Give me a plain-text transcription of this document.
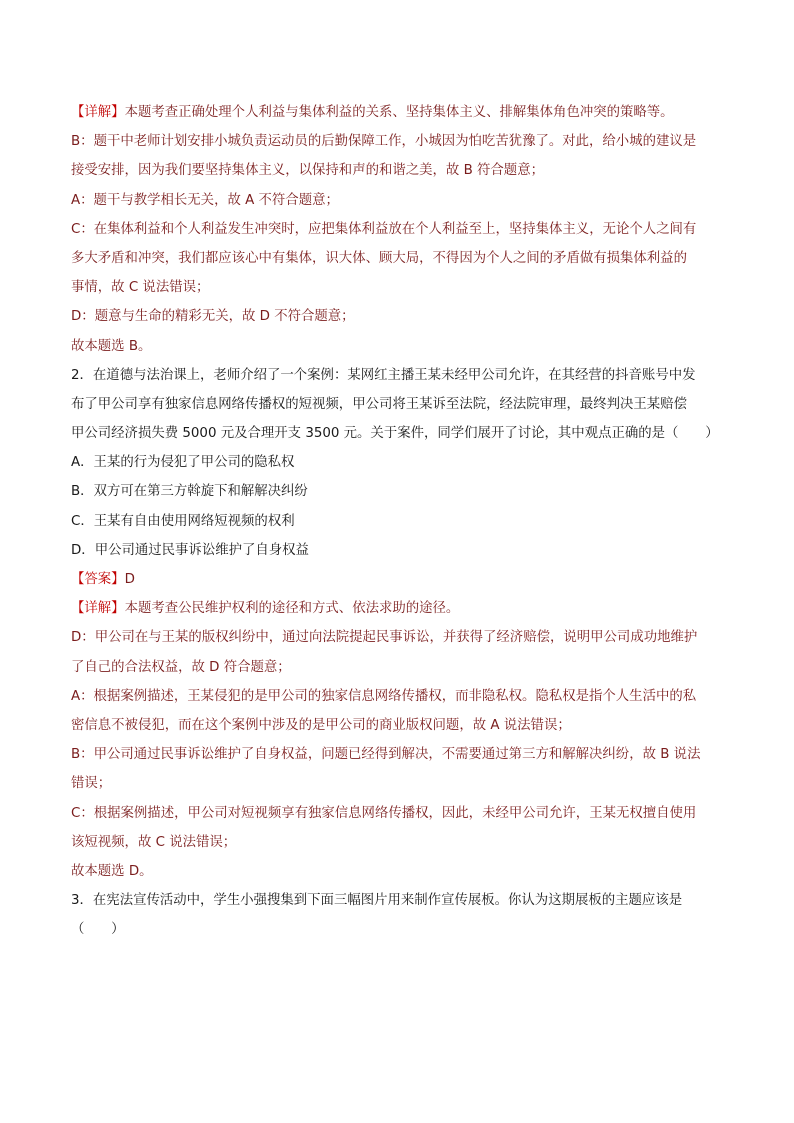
【详解】本题考查正确处理个人利益与集体利益的关系、坚持集体主义、排解集体角色冲突的策略等。
B：题干中老师计划安排小城负责运动员的后勤保障工作，小城因为怕吃苦犹豫了。对此，给小城的建议是
接受安排，因为我们要坚持集体主义，以保持和声的和谐之美，故 B 符合题意；
A：题干与教学相长无关，故 A 不符合题意；
C：在集体利益和个人利益发生冲突时，应把集体利益放在个人利益至上，坚持集体主义，无论个人之间有
多大矛盾和冲突，我们都应该心中有集体，识大体、顾大局，不得因为个人之间的矛盾做有损集体利益的
事情，故 C 说法错误；
D：题意与生命的精彩无关，故 D 不符合题意；
故本题选 B。
2．在道德与法治课上，老师介绍了一个案例：某网红主播王某未经甲公司允许，在其经营的抖音账号中发
布了甲公司享有独家信息网络传播权的短视频，甲公司将王某诉至法院，经法院审理，最终判决王某赔偿
甲公司经济损失费 5000 元及合理开支 3500 元。关于案件，同学们展开了讨论，其中观点正确的是（　　）
A．王某的行为侵犯了甲公司的隐私权
B．双方可在第三方斡旋下和解解决纠纷
C．王某有自由使用网络短视频的权利
D．甲公司通过民事诉讼维护了自身权益
【答案】D
【详解】本题考查公民维护权利的途径和方式、依法求助的途径。
D：甲公司在与王某的版权纠纷中，通过向法院提起民事诉讼，并获得了经济赔偿，说明甲公司成功地维护
了自己的合法权益，故 D 符合题意；
A：根据案例描述，王某侵犯的是甲公司的独家信息网络传播权，而非隐私权。隐私权是指个人生活中的私
密信息不被侵犯，而在这个案例中涉及的是甲公司的商业版权问题，故 A 说法错误；
B：甲公司通过民事诉讼维护了自身权益，问题已经得到解决，不需要通过第三方和解解决纠纷，故 B 说法
错误；
C：根据案例描述，甲公司对短视频享有独家信息网络传播权，因此，未经甲公司允许，王某无权擅自使用
该短视频，故 C 说法错误；
故本题选 D。
3．在宪法宣传活动中，学生小强搜集到下面三幅图片用来制作宣传展板。你认为这期展板的主题应该是
（　　）
